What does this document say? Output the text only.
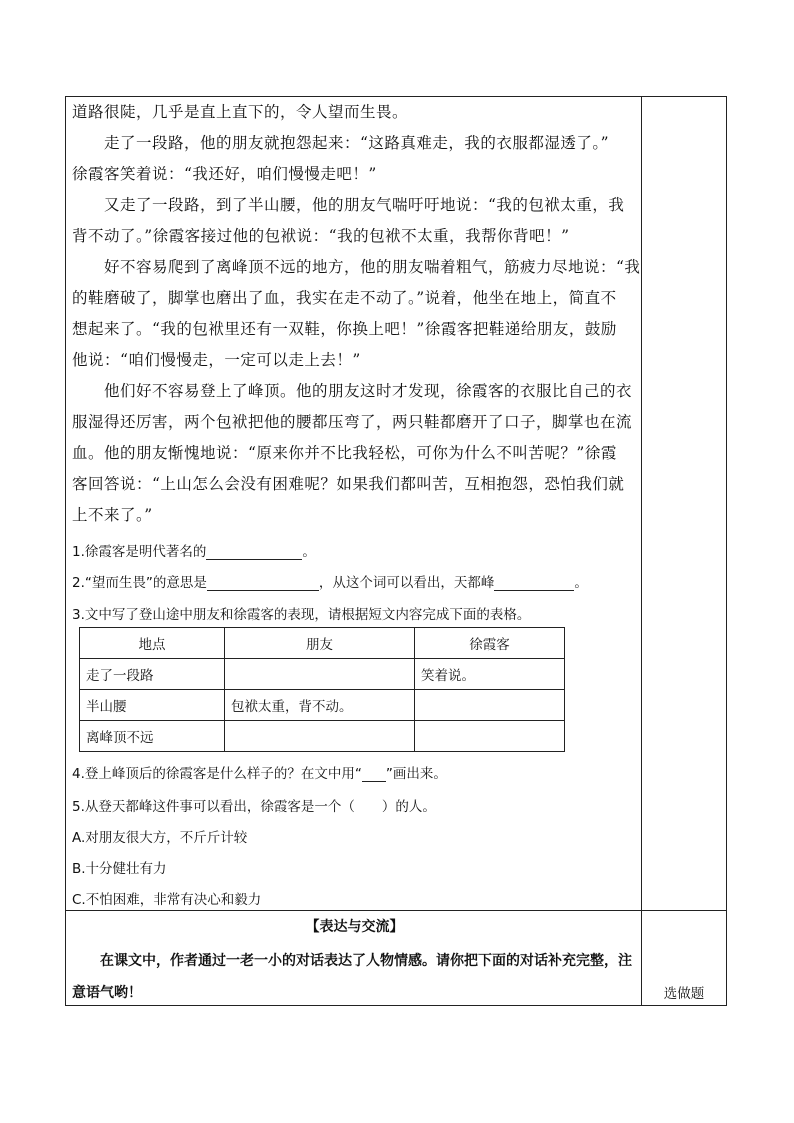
道路很陡，几乎是直上直下的，令人望而生畏。
　　走了一段路，他的朋友就抱怨起来：“这路真难走，我的衣服都湿透了。”
徐霞客笑着说：“我还好，咱们慢慢走吧！”
　　又走了一段路，到了半山腰，他的朋友气喘吁吁地说：“我的包袱太重，我
背不动了。”徐霞客接过他的包袱说：“我的包袱不太重，我帮你背吧！”
　　好不容易爬到了离峰顶不远的地方，他的朋友喘着粗气，筋疲力尽地说：“我
的鞋磨破了，脚掌也磨出了血，我实在走不动了。”说着，他坐在地上，简直不
想起来了。“我的包袱里还有一双鞋，你换上吧！”徐霞客把鞋递给朋友，鼓励
他说：“咱们慢慢走，一定可以走上去！”
　　他们好不容易登上了峰顶。他的朋友这时才发现，徐霞客的衣服比自己的衣
服湿得还厉害，两个包袱把他的腰都压弯了，两只鞋都磨开了口子，脚掌也在流
血。他的朋友惭愧地说：“原来你并不比我轻松，可你为什么不叫苦呢？”徐霞
客回答说：“上山怎么会没有困难呢？如果我们都叫苦，互相抱怨，恐怕我们就
上不来了。”

1.徐霞客是明代著名的	。

2.“望而生畏”的意思是	，从这个词可以看出，天都峰	。

3.文中写了登山途中朋友和徐霞客的表现，请根据短文内容完成下面的表格。

地点	朋友	徐霞客
走了一段路		笑着说。
半山腰	包袱太重，背不动。	
离峰顶不远		

4.登上峰顶后的徐霞客是什么样子的？在文中用“ ”画出来。

5.从登天都峰这件事可以看出，徐霞客是一个（　　）的人。

A.对朋友很大方，不斤斤计较

B.十分健壮有力

C.不怕困难，非常有决心和毅力

【表达与交流】
　　在课文中，作者通过一老一小的对话表达了人物情感。请你把下面的对话补充完整，注
意语气哟！	选做题
